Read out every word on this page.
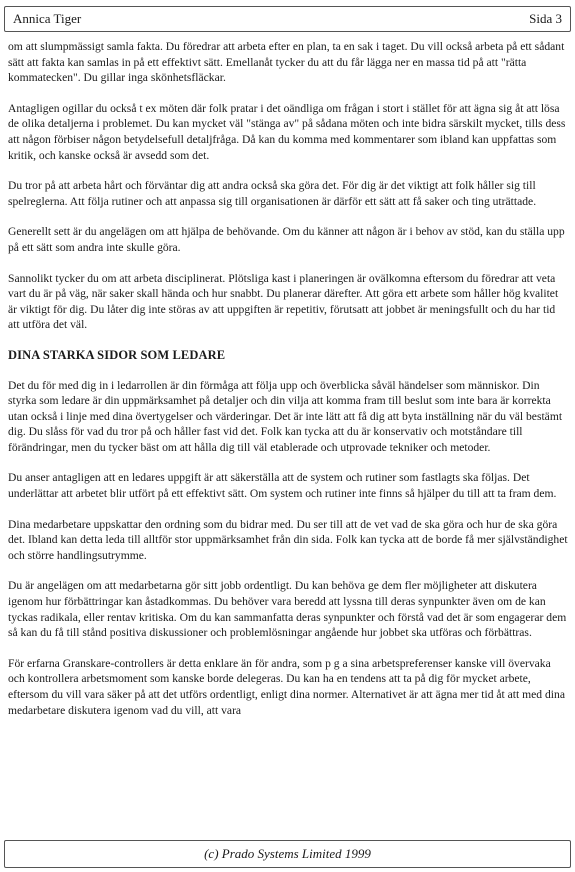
Annica Tiger	Sida 3

om att slumpmässigt samla fakta. Du föredrar att arbeta efter en plan, ta en sak i taget. Du vill också arbeta på ett sådant sätt att fakta kan samlas in på ett effektivt sätt. Emellanåt tycker du att du får lägga ner en massa tid på att "rätta kommatecken". Du gillar inga skönhetsfläckar.

Antagligen ogillar du också t ex möten där folk pratar i det oändliga om frågan i stort i stället för att ägna sig åt att lösa de olika detaljerna i problemet. Du kan mycket väl "stänga av" på sådana möten och inte bidra särskilt mycket, tills dess att någon förbiser någon betydelsefull detaljfråga. Då kan du komma med kommentarer som ibland kan uppfattas som kritik, och kanske också är avsedd som det.

Du tror på att arbeta hårt och förväntar dig att andra också ska göra det. För dig är det viktigt att folk håller sig till spelreglerna. Att följa rutiner och att anpassa sig till organisationen är därför ett sätt att få saker och ting uträttade.

Generellt sett är du angelägen om att hjälpa de behövande. Om du känner att någon är i behov av stöd, kan du ställa upp på ett sätt som andra inte skulle göra.

Sannolikt tycker du om att arbeta disciplinerat. Plötsliga kast i planeringen är ovälkomna eftersom du föredrar att veta vart du är på väg, när saker skall hända och hur snabbt. Du planerar därefter. Att göra ett arbete som håller hög kvalitet är viktigt för dig. Du låter dig inte störas av att uppgiften är repetitiv, förutsatt att jobbet är meningsfullt och du har tid att utföra det väl.

DINA STARKA SIDOR SOM LEDARE

Det du för med dig in i ledarrollen är din förmåga att följa upp och överblicka såväl händelser som människor. Din styrka som ledare är din uppmärksamhet på detaljer och din vilja att komma fram till beslut som inte bara är korrekta utan också i linje med dina övertygelser och värderingar. Det är inte lätt att få dig att byta inställning när du väl bestämt dig. Du slåss för vad du tror på och håller fast vid det. Folk kan tycka att du är konservativ och motståndare till förändringar, men du tycker bäst om att hålla dig till väl etablerade och utprovade tekniker och metoder.

Du anser antagligen att en ledares uppgift är att säkerställa att de system och rutiner som fastlagts ska följas. Det underlättar att arbetet blir utfört på ett effektivt sätt. Om system och rutiner inte finns så hjälper du till att ta fram dem.

Dina medarbetare uppskattar den ordning som du bidrar med. Du ser till att de vet vad de ska göra och hur de ska göra det. Ibland kan detta leda till alltför stor uppmärksamhet från din sida. Folk kan tycka att de borde få mer självständighet och större handlingsutrymme.

Du är angelägen om att medarbetarna gör sitt jobb ordentligt. Du kan behöva ge dem fler möjligheter att diskutera igenom hur förbättringar kan åstadkommas. Du behöver vara beredd att lyssna till deras synpunkter även om de kan tyckas radikala, eller rentav kritiska. Om du kan sammanfatta deras synpunkter och förstå vad det är som engagerar dem så kan du få till stånd positiva diskussioner och problemlösningar angående hur jobbet ska utföras och förbättras.

För erfarna Granskare-controllers är detta enklare än för andra, som p g a sina arbetspreferenser kanske vill övervaka och kontrollera arbetsmoment som kanske borde delegeras. Du kan ha en tendens att ta på dig för mycket arbete, eftersom du vill vara säker på att det utförs ordentligt, enligt dina normer. Alternativet är att ägna mer tid åt att med dina medarbetare diskutera igenom vad du vill, att vara

(c) Prado Systems Limited 1999
